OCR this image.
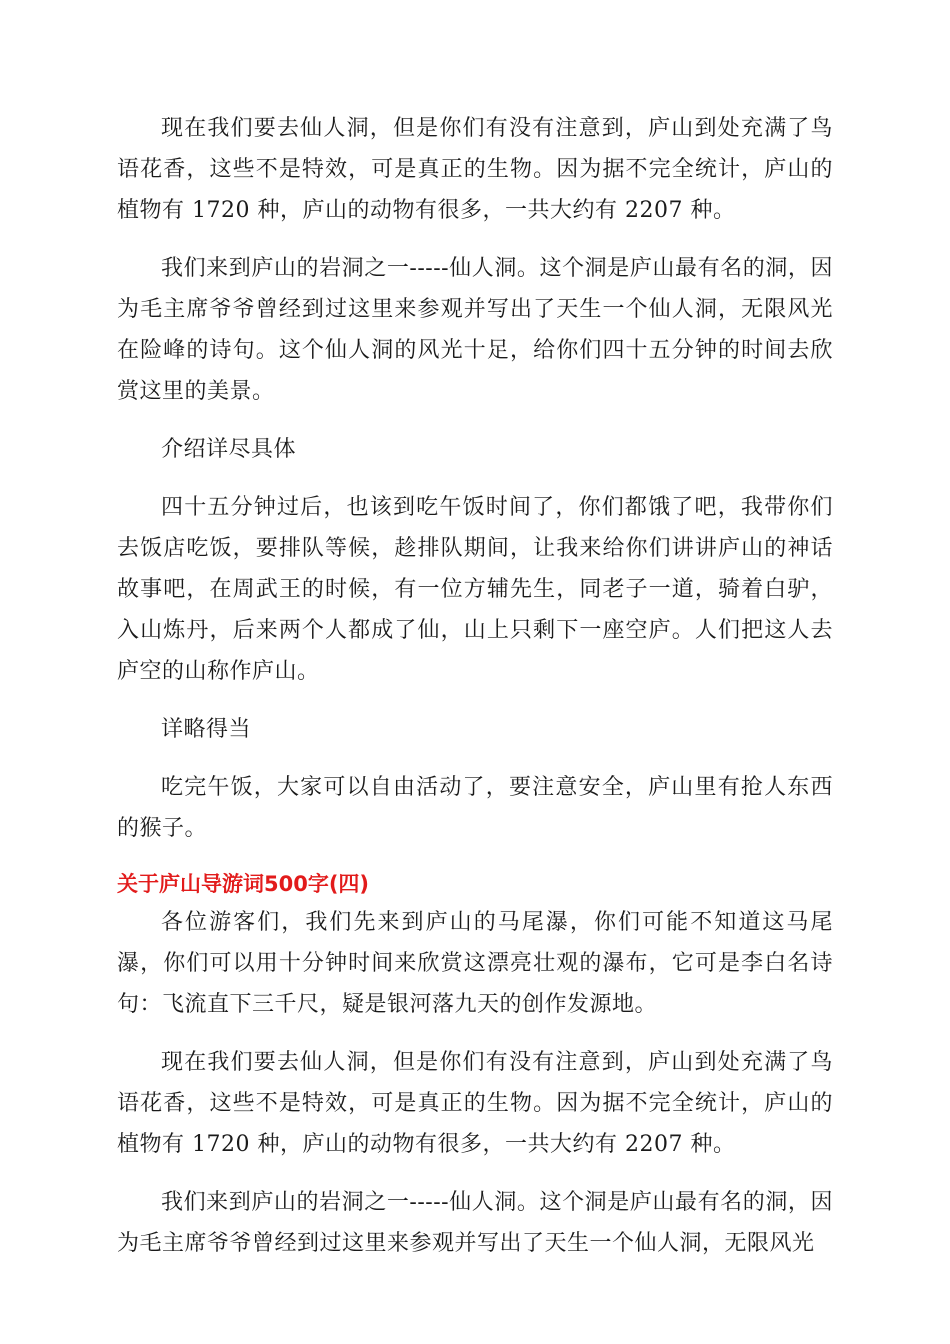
现在我们要去仙人洞，但是你们有没有注意到，庐山到处充满了鸟语花香，这些不是特效，可是真正的生物。因为据不完全统计，庐山的植物有 1720 种，庐山的动物有很多，一共大约有 2207 种。

我们来到庐山的岩洞之一-----仙人洞。这个洞是庐山最有名的洞，因为毛主席爷爷曾经到过这里来参观并写出了天生一个仙人洞，无限风光在险峰的诗句。这个仙人洞的风光十足，给你们四十五分钟的时间去欣赏这里的美景。

介绍详尽具体

四十五分钟过后，也该到吃午饭时间了，你们都饿了吧，我带你们去饭店吃饭，要排队等候，趁排队期间，让我来给你们讲讲庐山的神话故事吧，在周武王的时候，有一位方辅先生，同老子一道，骑着白驴，入山炼丹，后来两个人都成了仙，山上只剩下一座空庐。人们把这人去庐空的山称作庐山。

详略得当

吃完午饭，大家可以自由活动了，要注意安全，庐山里有抢人东西的猴子。

关于庐山导游词500字(四)

各位游客们，我们先来到庐山的马尾瀑，你们可能不知道这马尾瀑，你们可以用十分钟时间来欣赏这漂亮壮观的瀑布，它可是李白名诗句：飞流直下三千尺，疑是银河落九天的创作发源地。

现在我们要去仙人洞，但是你们有没有注意到，庐山到处充满了鸟语花香，这些不是特效，可是真正的生物。因为据不完全统计，庐山的植物有 1720 种，庐山的动物有很多，一共大约有 2207 种。

我们来到庐山的岩洞之一-----仙人洞。这个洞是庐山最有名的洞，因为毛主席爷爷曾经到过这里来参观并写出了天生一个仙人洞，无限风光
